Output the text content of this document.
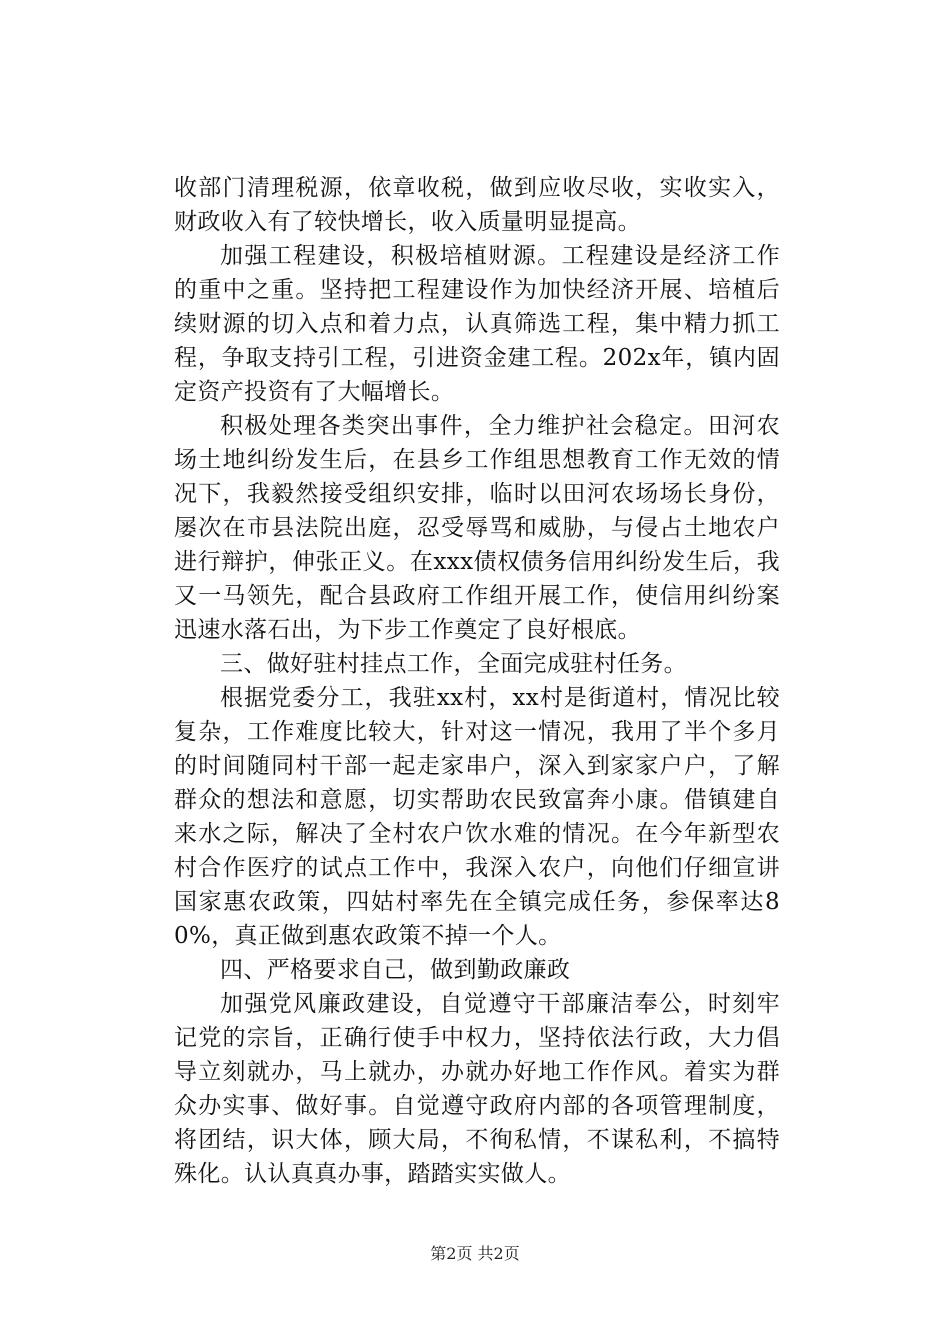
收部门清理税源，依章收税，做到应收尽收，实收实入，财政收入有了较快增长，收入质量明显提高。

加强工程建设，积极培植财源。工程建设是经济工作的重中之重。坚持把工程建设作为加快经济开展、培植后续财源的切入点和着力点，认真筛选工程，集中精力抓工程，争取支持引工程，引进资金建工程。202x年，镇内固定资产投资有了大幅增长。

积极处理各类突出事件，全力维护社会稳定。田河农场土地纠纷发生后，在县乡工作组思想教育工作无效的情况下，我毅然接受组织安排，临时以田河农场场长身份，屡次在市县法院出庭，忍受辱骂和威胁，与侵占土地农户进行辩护，伸张正义。在xxx债权债务信用纠纷发生后，我又一马领先，配合县政府工作组开展工作，使信用纠纷案迅速水落石出，为下步工作奠定了良好根底。

三、做好驻村挂点工作，全面完成驻村任务。

根据党委分工，我驻xx村，xx村是街道村，情况比较复杂，工作难度比较大，针对这一情况，我用了半个多月的时间随同村干部一起走家串户，深入到家家户户，了解群众的想法和意愿，切实帮助农民致富奔小康。借镇建自来水之际，解决了全村农户饮水难的情况。在今年新型农村合作医疗的试点工作中，我深入农户，向他们仔细宣讲国家惠农政策，四姑村率先在全镇完成任务，参保率达80%，真正做到惠农政策不掉一个人。

四、严格要求自己，做到勤政廉政

加强党风廉政建设，自觉遵守干部廉洁奉公，时刻牢记党的宗旨，正确行使手中权力，坚持依法行政，大力倡导立刻就办，马上就办，办就办好地工作作风。着实为群众办实事、做好事。自觉遵守政府内部的各项管理制度，将团结，识大体，顾大局，不徇私情，不谋私利，不搞特殊化。认认真真办事，踏踏实实做人。

第2页 共2页
